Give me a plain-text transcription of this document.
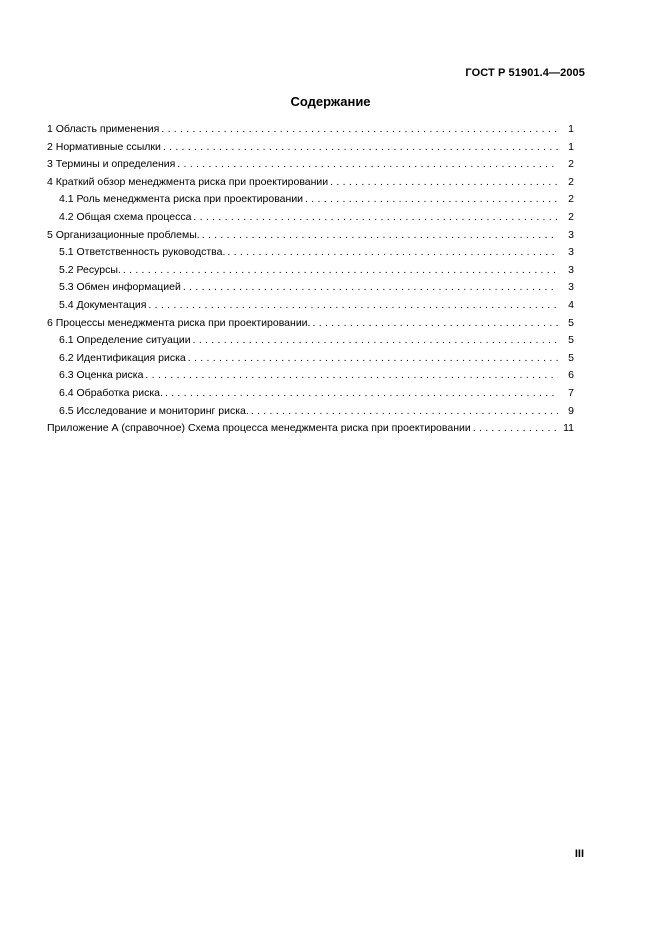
ГОСТ Р 51901.4—2005
Содержание
1 Область применения . . .	1
2 Нормативные ссылки . . .	1
3 Термины и определения . . .	2
4 Краткий обзор менеджмента риска при проектировании . . .	2
4.1 Роль менеджмента риска при проектировании . . .	2
4.2 Общая схема процесса . . .	2
5 Организационные проблемы. . . .	3
5.1 Ответственность руководства. . . .	3
5.2 Ресурсы. . . .	3
5.3 Обмен информацией . . .	3
5.4 Документация . . .	4
6 Процессы менеджмента риска при проектировании. . . .	5
6.1 Определение ситуации . . .	5
6.2 Идентификация риска . . .	5
6.3 Оценка риска . . .	6
6.4 Обработка риска. . . .	7
6.5 Исследование и мониторинг риска. . . .	9
Приложение А (справочное) Схема процесса менеджмента риска при проектировании . . .	11
III
